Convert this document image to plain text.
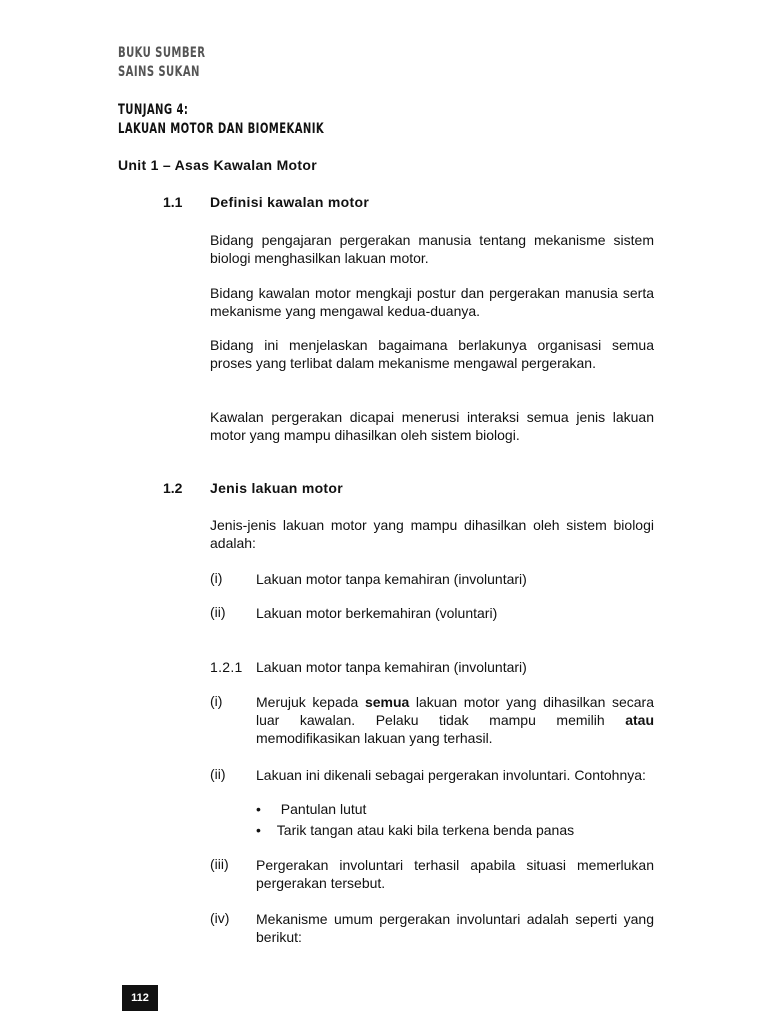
BUKU SUMBER
SAINS SUKAN
TUNJANG 4:
LAKUAN MOTOR DAN BIOMEKANIK
Unit 1 – Asas Kawalan Motor
1.1 Definisi kawalan motor

Bidang pengajaran pergerakan manusia tentang mekanisme sistem biologi menghasilkan lakuan motor.

Bidang kawalan motor mengkaji postur dan pergerakan manusia serta mekanisme yang mengawal kedua-duanya.

Bidang ini menjelaskan bagaimana berlakunya organisasi semua proses yang terlibat dalam mekanisme mengawal pergerakan.

Kawalan pergerakan dicapai menerusi interaksi semua jenis lakuan motor yang mampu dihasilkan oleh sistem biologi.

1.2 Jenis lakuan motor

Jenis-jenis lakuan motor yang mampu dihasilkan oleh sistem biologi adalah:

(i) Lakuan motor tanpa kemahiran (involuntari)
(ii) Lakuan motor berkemahiran (voluntari)
1.2.1 Lakuan motor tanpa kemahiran (involuntari)
(i) Merujuk kepada semua lakuan motor yang dihasilkan secara luar kawalan. Pelaku tidak mampu memilih atau memodifikasikan lakuan yang terhasil.

(ii) Lakuan ini dikenali sebagai pergerakan involuntari. Contohnya:

• Pantulan lutut
• Tarik tangan atau kaki bila terkena benda panas
(iii) Pergerakan involuntari terhasil apabila situasi memerlukan pergerakan tersebut.

(iv) Mekanisme umum pergerakan involuntari adalah seperti yang berikut:

112
